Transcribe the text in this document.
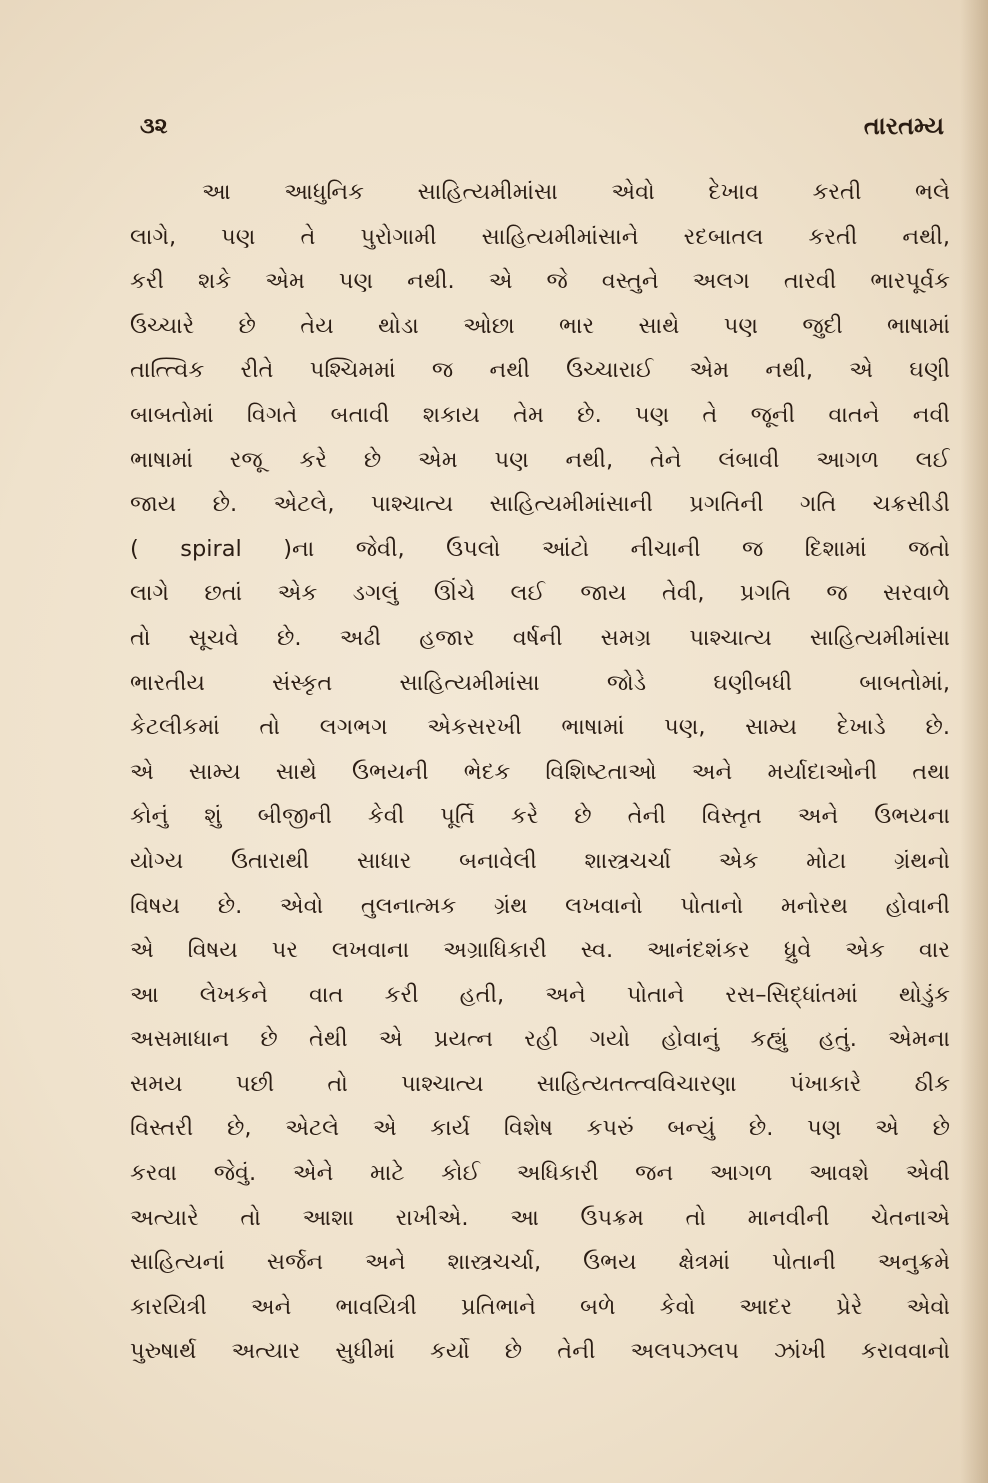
૩૨	તારતમ્ય
આ આધુનિક સાહિત્યમીમાંસા એવો દેખાવ કરતી ભલે
લાગે, પણ તે પુરોગામી સાહિત્યમીમાંસાને રદબાતલ કરતી નથી,
કરી શકે એમ પણ નથી. એ જે વસ્તુને અલગ તારવી ભારપૂર્વક
ઉચ્ચારે છે તેય થોડા ઓછા ભાર સાથે પણ જુદી ભાષામાં
તાત્ત્વિક રીતે પશ્ચિમમાં જ નથી ઉચ્ચારાઈ એમ નથી, એ ઘણી
બાબતોમાં વિગતે બતાવી શકાય તેમ છે. પણ તે જૂની વાતને નવી
ભાષામાં રજૂ કરે છે એમ પણ નથી, તેને લંબાવી આગળ લઈ
જાય છે. એટલે, પાશ્ચાત્ય સાહિત્યમીમાંસાની પ્રગતિની ગતિ ચક્રસીડી
( spiral )ના જેવી, ઉપલો આંટો નીચાની જ દિશામાં જતો
લાગે છતાં એક ડગલું ઊંચે લઈ જાય તેવી, પ્રગતિ જ સરવાળે
તો સૂચવે છે. અઢી હજાર વર્ષની સમગ્ર પાશ્ચાત્ય સાહિત્યમીમાંસા
ભારતીય સંસ્કૃત સાહિત્યમીમાંસા જોડે ઘણીબધી બાબતોમાં,
કેટલીકમાં તો લગભગ એકસરખી ભાષામાં પણ, સામ્ય દેખાડે છે.
એ સામ્ય સાથે ઉભયની ભેદક વિશિષ્ટતાઓ અને મર્યાદાઓની તથા
કોનું શું બીજીની કેવી પૂર્તિ કરે છે તેની વિસ્તૃત અને ઉભયના
યોગ્ય ઉતારાથી સાધાર બનાવેલી શાસ્ત્રચર્ચા એક મોટા ગ્રંથનો
વિષય છે. એવો તુલનાત્મક ગ્રંથ લખવાનો પોતાનો મનોરથ હોવાની
એ વિષય પર લખવાના અગ્રાધિકારી સ્વ. આનંદશંકર ધ્રુવે એક વાર
આ લેખકને વાત કરી હતી, અને પોતાને રસ–સિદ્ધાંતમાં થોડુંક
અસમાધાન છે તેથી એ પ્રયત્ન રહી ગયો હોવાનું કહ્યું હતું. એમના
સમય પછી તો પાશ્ચાત્ય સાહિત્યતત્ત્વવિચારણા પંખાકારે ઠીક
વિસ્તરી છે, એટલે એ કાર્ય વિશેષ કપરું બન્યું છે. પણ એ છે
કરવા જેવું. એને માટે કોઈ અધિકારી જન આગળ આવશે એવી
અત્યારે તો આશા રાખીએ. આ ઉપક્રમ તો માનવીની ચેતનાએ
સાહિત્યનાં સર્જન અને શાસ્ત્રચર્ચા, ઉભય ક્ષેત્રમાં પોતાની અનુક્રમે
કારયિત્રી અને ભાવયિત્રી પ્રતિભાને બળે કેવો આદર પ્રેરે એવો
પુરુષાર્થ અત્યાર સુધીમાં કર્યો છે તેની અલપઝલપ ઝાંખી કરાવવાનો
